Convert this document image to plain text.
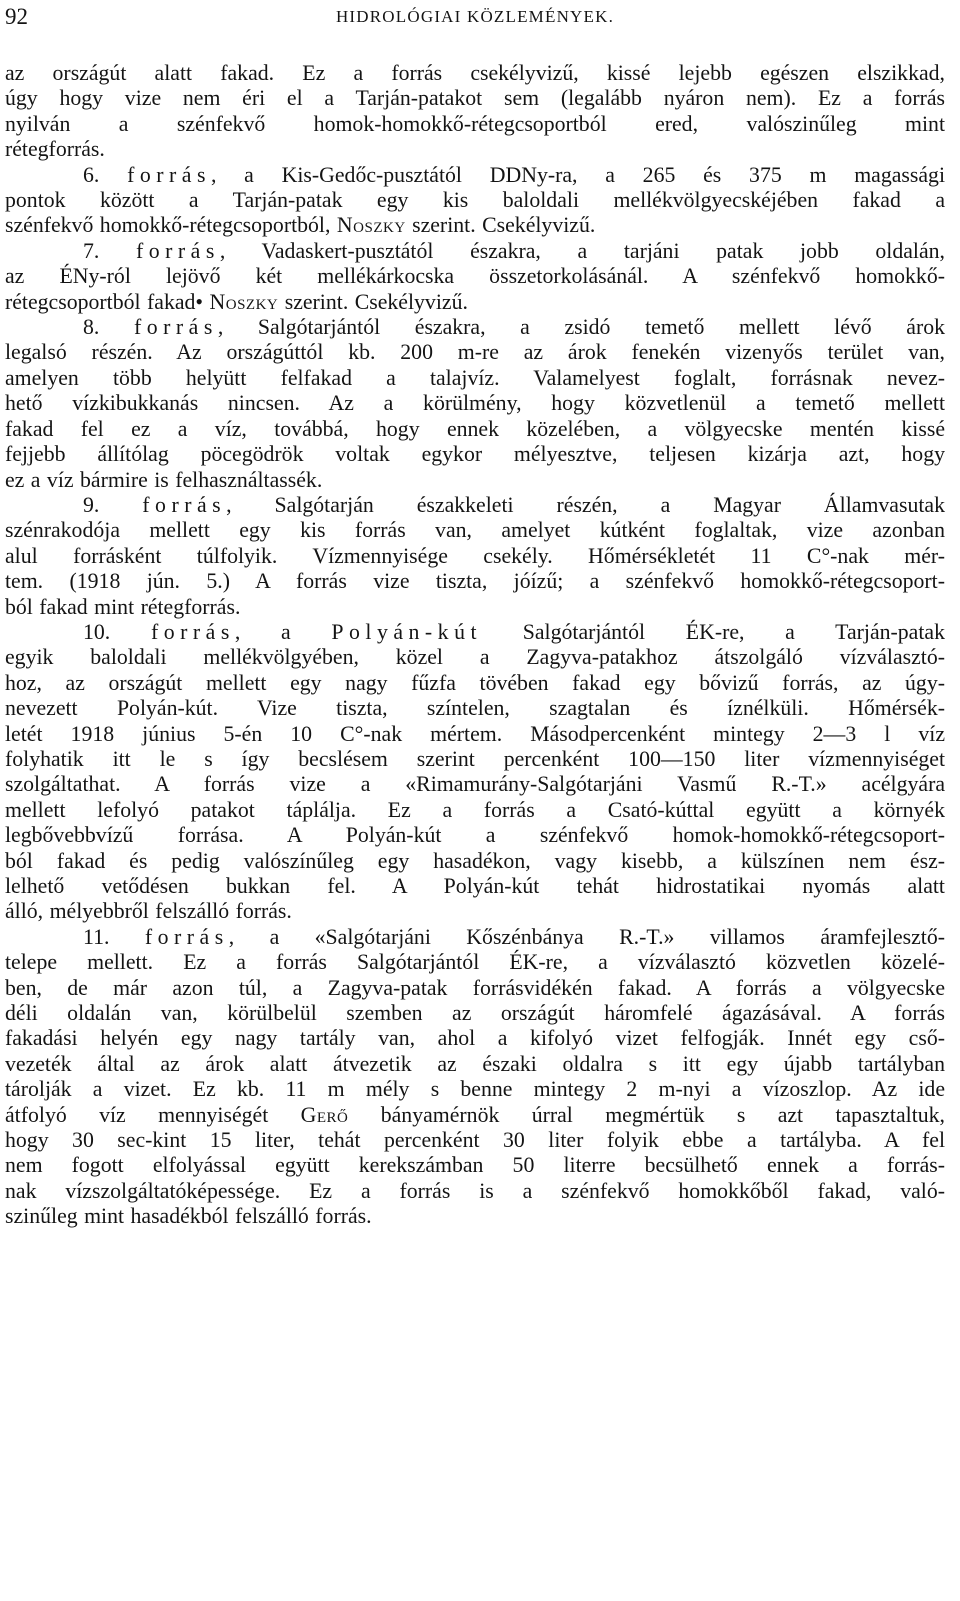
92	HIDROLÓGIAI KÖZLEMÉNYEK.

az országút alatt fakad. Ez a forrás csekélyvizű, kissé lejebb egészen elszikkad,

úgy hogy vize nem éri el a Tarján-patakot sem (legalább nyáron nem). Ez a forrás

nyilván a szénfekvő homok-homokkő-rétegcsoportból ered, valószinűleg mint

rétegforrás.

6. forrás, a Kis-Gedőc-pusztától DDNy-ra, a 265 és 375 m magassági

pontok között a Tarján-patak egy kis baloldali mellékvölgyecskéjében fakad a

szénfekvő homokkő-rétegcsoportból, Noszky szerint. Csekélyvizű.

7. forrás, Vadaskert-pusztától északra, a tarjáni patak jobb oldalán,

az ÉNy-ról lejövő két mellékárkocska összetorkolásánál. A szénfekvő homokkő-

rétegcsoportból fakad• Noszky szerint. Csekélyvizű.

8. forrás, Salgótarjántól északra, a zsidó temető mellett lévő árok

legalsó részén. Az országúttól kb. 200 m-re az árok fenekén vizenyős terület van,

amelyen több helyütt felfakad a talajvíz. Valamelyest foglalt, forrásnak nevez-

hető vízkibukkanás nincsen. Az a körülmény, hogy közvetlenül a temető mellett

fakad fel ez a víz, továbbá, hogy ennek közelében, a völgyecske mentén kissé

fejjebb állítólag pöcegödrök voltak egykor mélyesztve, teljesen kizárja azt, hogy

ez a víz bármire is felhasználtassék.

9. forrás, Salgótarján északkeleti részén, a Magyar Államvasutak

szénrakodója mellett egy kis forrás van, amelyet kútként foglaltak, vize azonban

alul forrásként túlfolyik. Vízmennyisége csekély. Hőmérsékletét 11 C°-nak mér-

tem. (1918 jún. 5.) A forrás vize tiszta, jóízű; a szénfekvő homokkő-rétegcsoport-

ból fakad mint rétegforrás.

10. forrás, a Polyán-kút Salgótarjántól ÉK-re, a Tarján-patak

egyik baloldali mellékvölgyében, közel a Zagyva-patakhoz átszolgáló vízválasztó-

hoz, az országút mellett egy nagy fűzfa tövében fakad egy bővizű forrás, az úgy-

nevezett Polyán-kút. Vize tiszta, színtelen, szagtalan és íznélküli. Hőmérsék-

letét 1918 június 5-én 10 C°-nak mértem. Másodpercenként mintegy 2—3 l víz

folyhatik itt le s így becslésem szerint percenként 100—150 liter vízmennyiséget

szolgáltathat. A forrás vize a «Rimamurány-Salgótarjáni Vasmű R.-T.» acélgyára

mellett lefolyó patakot táplálja. Ez a forrás a Csató-kúttal együtt a környék

legbővebbvízű forrása. A Polyán-kút a szénfekvő homok-homokkő-rétegcsoport-

ból fakad és pedig valószínűleg egy hasadékon, vagy kisebb, a külszínen nem ész-

lelhető vetődésen bukkan fel. A Polyán-kút tehát hidrostatikai nyomás alatt

álló, mélyebbről felszálló forrás.

11. forrás, a «Salgótarjáni Kőszénbánya R.-T.» villamos áramfejlesztő-

telepe mellett. Ez a forrás Salgótarjántól ÉK-re, a vízválasztó közvetlen közelé-

ben, de már azon túl, a Zagyva-patak forrásvidékén fakad. A forrás a völgyecske

déli oldalán van, körülbelül szemben az országút háromfelé ágazásával. A forrás

fakadási helyén egy nagy tartály van, ahol a kifolyó vizet felfogják. Innét egy cső-

vezeték által az árok alatt átvezetik az északi oldalra s itt egy újabb tartályban

tárolják a vizet. Ez kb. 11 m mély s benne mintegy 2 m-nyi a vízoszlop. Az ide

átfolyó víz mennyiségét Gerő bányamérnök úrral megmértük s azt tapasztaltuk,

hogy 30 sec-kint 15 liter, tehát percenként 30 liter folyik ebbe a tartályba. A fel

nem fogott elfolyással együtt kerekszámban 50 literre becsülhető ennek a forrás-

nak vízszolgáltatóképessége. Ez a forrás is a szénfekvő homokkőből fakad, való-

szinűleg mint hasadékból felszálló forrás.
